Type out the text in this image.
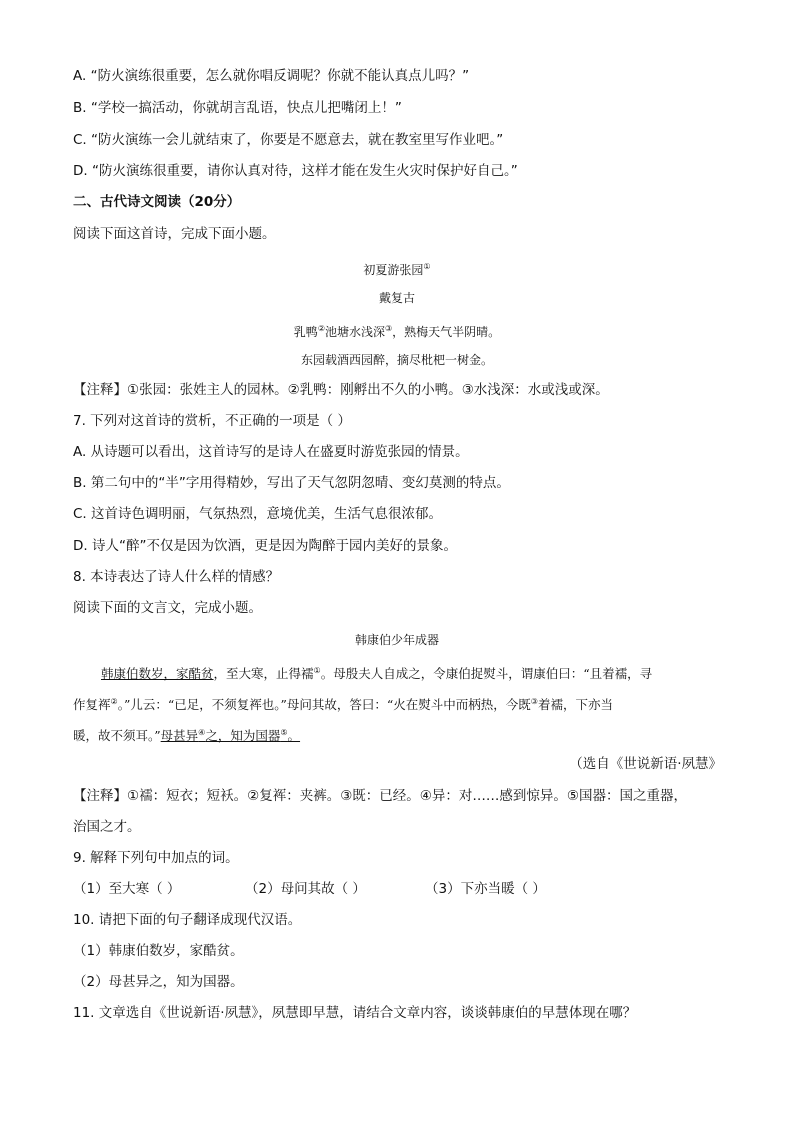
A. “防火演练很重要，怎么就你唱反调呢？你就不能认真点儿吗？”
B. “学校一搞活动，你就胡言乱语，快点儿把嘴闭上！”
C. “防火演练一会儿就结束了，你要是不愿意去，就在教室里写作业吧。”
D. “防火演练很重要，请你认真对待，这样才能在发生火灾时保护好自己。”
二、古代诗文阅读（20分）
阅读下面这首诗，完成下面小题。
初夏游张园①
戴复古
乳鸭②池塘水浅深③，熟梅天气半阴晴。
东园载酒西园醉，摘尽枇杷一树金。
【注释】①张园：张姓主人的园林。②乳鸭：刚孵出不久的小鸭。③水浅深：水或浅或深。
7. 下列对这首诗的赏析，不正确的一项是（ ）
A. 从诗题可以看出，这首诗写的是诗人在盛夏时游览张园的情景。
B. 第二句中的“半”字用得精妙，写出了天气忽阴忽晴、变幻莫测的特点。
C. 这首诗色调明丽，气氛热烈，意境优美，生活气息很浓郁。
D. 诗人“醉”不仅是因为饮酒，更是因为陶醉于园内美好的景象。
8. 本诗表达了诗人什么样的情感？
阅读下面的文言文，完成小题。
韩康伯少年成器
韩康伯数岁，家酷贫，至大寒，止得襦①。母殷夫人自成之，令康伯捉熨斗，谓康伯曰：“且着襦，寻
作复裈②。”儿云：“已足，不须复裈也。”母问其故，答曰：“火在熨斗中而柄热，今既③着襦，下亦当
暖，故不须耳。”母甚异④之，知为国器⑤。
（选自《世说新语·夙慧》
【注释】①襦：短衣；短袄。②复裈：夹裤。③既：已经。④异：对……感到惊异。⑤国器：国之重器，
治国之才。
9. 解释下列句中加点的词。
（1）至大寒（ ）	（2）母问其故（ ）	（3）下亦当暖（ ）
10. 请把下面的句子翻译成现代汉语。
（1）韩康伯数岁，家酷贫。
（2）母甚异之，知为国器。
11. 文章选自《世说新语·夙慧》，夙慧即早慧，请结合文章内容，谈谈韩康伯的早慧体现在哪？
